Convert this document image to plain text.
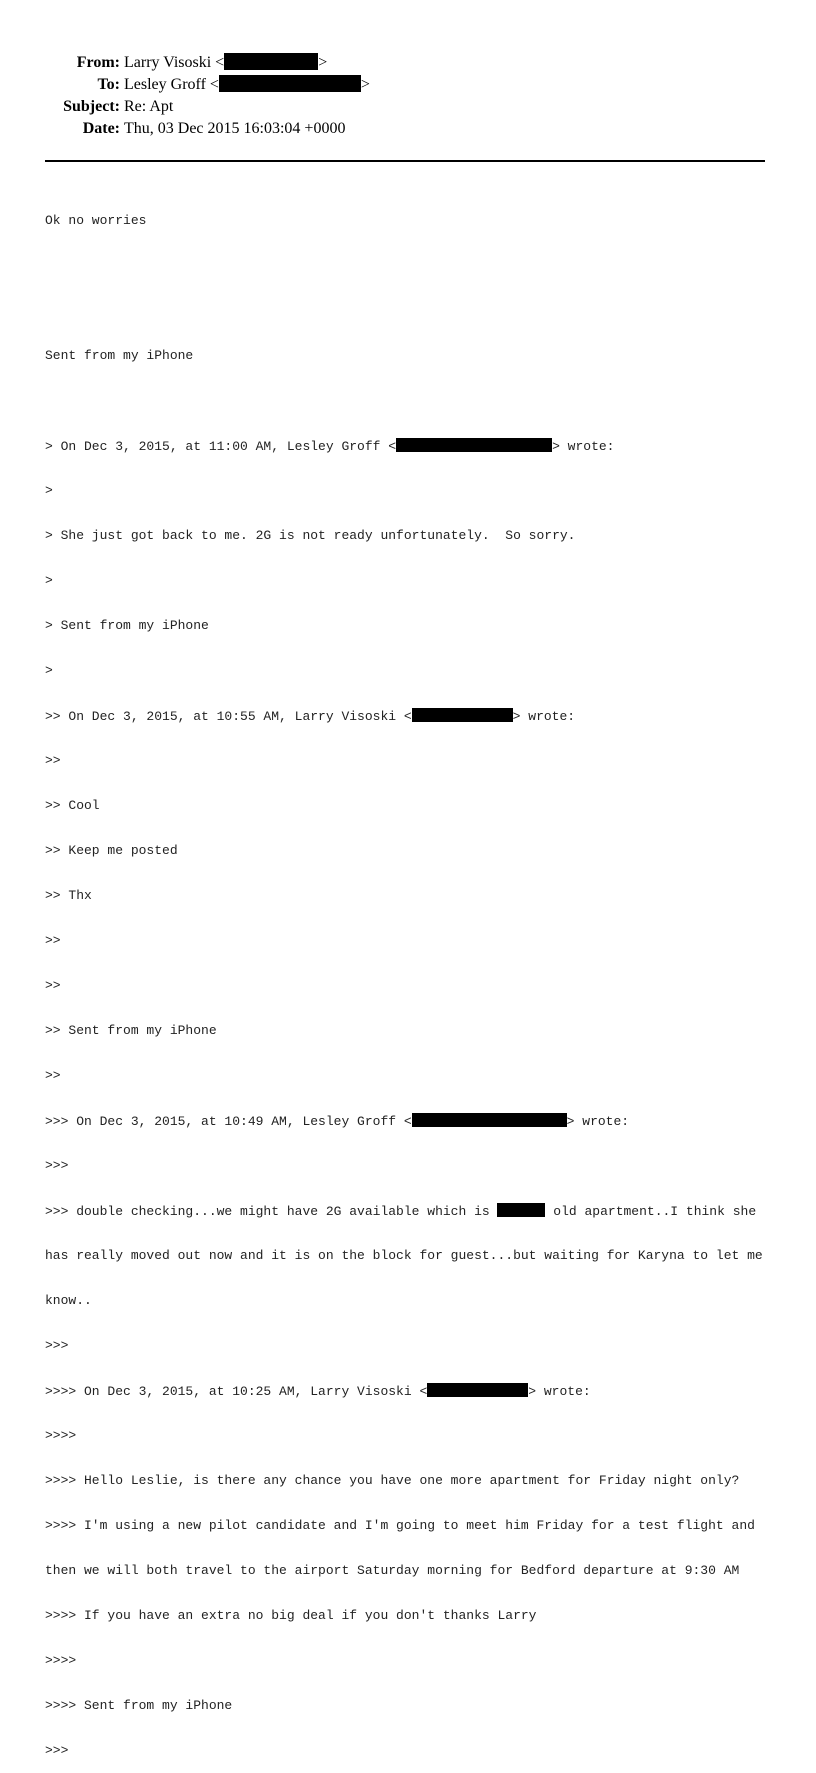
From: Larry Visoski <	>
To: Lesley Groff <	>
Subject: Re: Apt
Date: Thu, 03 Dec 2015 16:03:04 +0000

Ok no worries

Sent from my iPhone

> On Dec 3, 2015, at 11:00 AM, Lesley Groff <	> wrote:

>

> She just got back to me. 2G is not ready unfortunately.  So sorry.

>

> Sent from my iPhone

>

>> On Dec 3, 2015, at 10:55 AM, Larry Visoski <	> wrote:

>>

>> Cool

>> Keep me posted

>> Thx

>>

>>

>> Sent from my iPhone

>>

>>> On Dec 3, 2015, at 10:49 AM, Lesley Groff <	> wrote:

>>>

>>> double checking...we might have 2G available which is	old apartment..I think she

has really moved out now and it is on the block for guest...but waiting for Karyna to let me

know..

>>>

>>>> On Dec 3, 2015, at 10:25 AM, Larry Visoski <	> wrote:

>>>>

>>>> Hello Leslie, is there any chance you have one more apartment for Friday night only?

>>>> I'm using a new pilot candidate and I'm going to meet him Friday for a test flight and

then we will both travel to the airport Saturday morning for Bedford departure at 9:30 AM

>>>> If you have an extra no big deal if you don't thanks Larry

>>>>

>>>> Sent from my iPhone

>>>
